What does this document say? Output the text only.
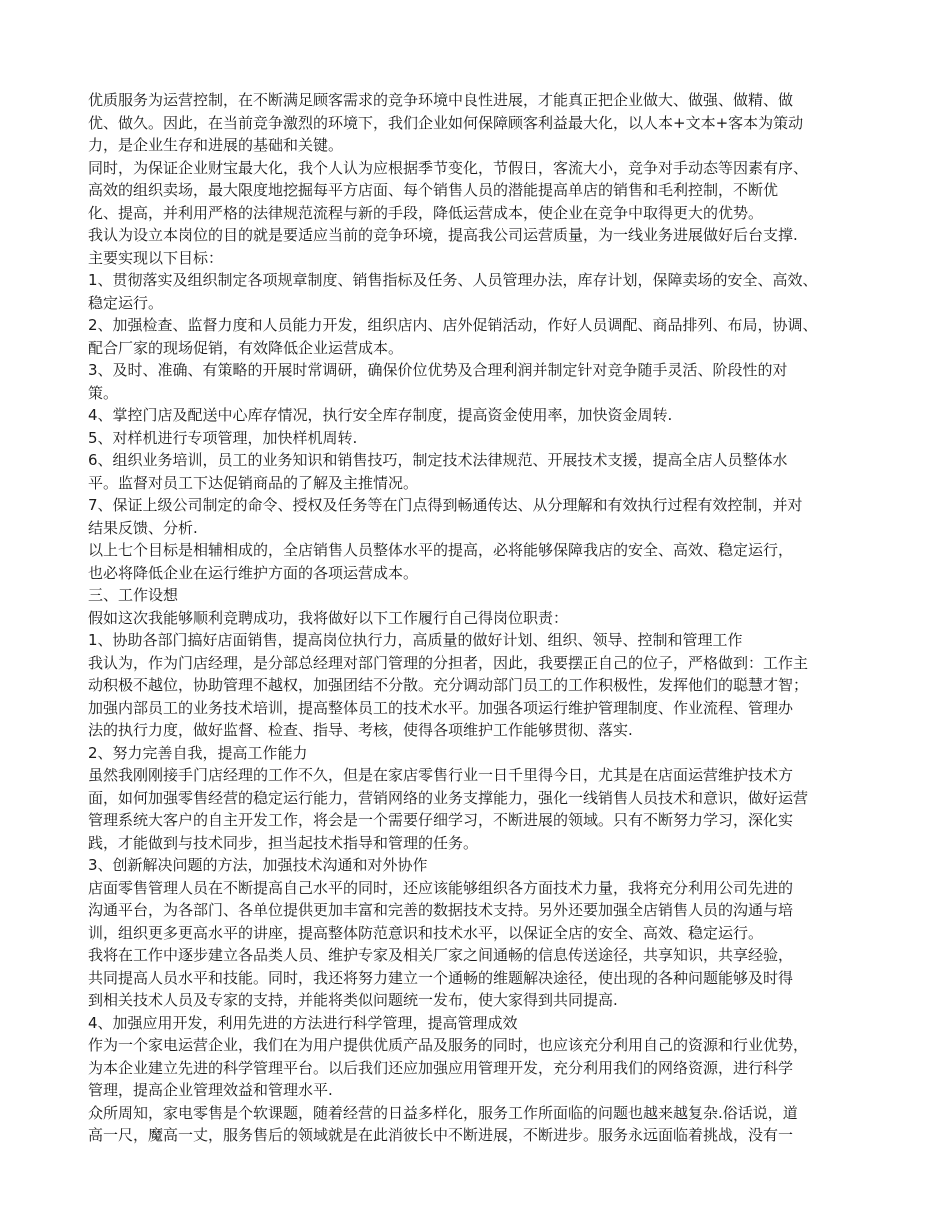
优质服务为运营控制，在不断满足顾客需求的竞争环境中良性进展，才能真正把企业做大、做强、做精、做
优、做久。因此，在当前竞争激烈的环境下，我们企业如何保障顾客利益最大化，以人本+文本+客本为策动
力，是企业生存和进展的基础和关键。

同时，为保证企业财宝最大化，我个人认为应根据季节变化，节假日，客流大小，竞争对手动态等因素有序、
高效的组织卖场，最大限度地挖掘每平方店面、每个销售人员的潜能提高单店的销售和毛利控制，不断优
化、提高，并利用严格的法律规范流程与新的手段，降低运营成本，使企业在竞争中取得更大的优势。

我认为设立本岗位的目的就是要适应当前的竞争环境，提高我公司运营质量，为一线业务进展做好后台支撑.
主要实现以下目标：

1、贯彻落实及组织制定各项规章制度、销售指标及任务、人员管理办法，库存计划，保障卖场的安全、高效、
稳定运行。

2、加强检查、监督力度和人员能力开发，组织店内、店外促销活动，作好人员调配、商品排列、布局，协调、
配合厂家的现场促销，有效降低企业运营成本。

3、及时、准确、有策略的开展时常调研，确保价位优势及合理利润并制定针对竞争随手灵活、阶段性的对
策。

4、掌控门店及配送中心库存情况，执行安全库存制度，提高资金使用率，加快资金周转.

5、对样机进行专项管理，加快样机周转.

6、组织业务培训，员工的业务知识和销售技巧，制定技术法律规范、开展技术支援，提高全店人员整体水
平。监督对员工下达促销商品的了解及主推情况。

7、保证上级公司制定的命令、授权及任务等在门点得到畅通传达、从分理解和有效执行过程有效控制，并对
结果反馈、分析.

以上七个目标是相辅相成的，全店销售人员整体水平的提高，必将能够保障我店的安全、高效、稳定运行，
也必将降低企业在运行维护方面的各项运营成本。

三、工作设想

假如这次我能够顺利竞聘成功，我将做好以下工作履行自己得岗位职责：

1、协助各部门搞好店面销售，提高岗位执行力，高质量的做好计划、组织、领导、控制和管理工作

我认为，作为门店经理，是分部总经理对部门管理的分担者，因此，我要摆正自己的位子，严格做到：工作主
动积极不越位，协助管理不越权，加强团结不分散。充分调动部门员工的工作积极性，发挥他们的聪慧才智；
加强内部员工的业务技术培训，提高整体员工的技术水平。加强各项运行维护管理制度、作业流程、管理办
法的执行力度，做好监督、检查、指导、考核，使得各项维护工作能够贯彻、落实.

2、努力完善自我，提高工作能力

虽然我刚刚接手门店经理的工作不久，但是在家店零售行业一日千里得今日，尤其是在店面运营维护技术方
面，如何加强零售经营的稳定运行能力，营销网络的业务支撑能力，强化一线销售人员技术和意识，做好运营
管理系统大客户的自主开发工作，将会是一个需要仔细学习，不断进展的领域。只有不断努力学习，深化实
践，才能做到与技术同步，担当起技术指导和管理的任务。

3、创新解决问题的方法，加强技术沟通和对外协作

店面零售管理人员在不断提高自己水平的同时，还应该能够组织各方面技术力量，我将充分利用公司先进的
沟通平台，为各部门、各单位提供更加丰富和完善的数据技术支持。另外还要加强全店销售人员的沟通与培
训，组织更多更高水平的讲座，提高整体防范意识和技术水平，以保证全店的安全、高效、稳定运行。

我将在工作中逐步建立各品类人员、维护专家及相关厂家之间通畅的信息传送途径，共享知识，共享经验，
共同提高人员水平和技能。同时，我还将努力建立一个通畅的维题解决途径，使出现的各种问题能够及时得
到相关技术人员及专家的支持，并能将类似问题统一发布，使大家得到共同提高.

4、加强应用开发，利用先进的方法进行科学管理，提高管理成效

作为一个家电运营企业，我们在为用户提供优质产品及服务的同时，也应该充分利用自己的资源和行业优势，
为本企业建立先进的科学管理平台。以后我们还应加强应用管理开发，充分利用我们的网络资源，进行科学
管理，提高企业管理效益和管理水平.

众所周知，家电零售是个软课题，随着经营的日益多样化，服务工作所面临的问题也越来越复杂.俗话说，道
高一尺，魔高一丈，服务售后的领域就是在此消彼长中不断进展，不断进步。服务永远面临着挑战，没有一
